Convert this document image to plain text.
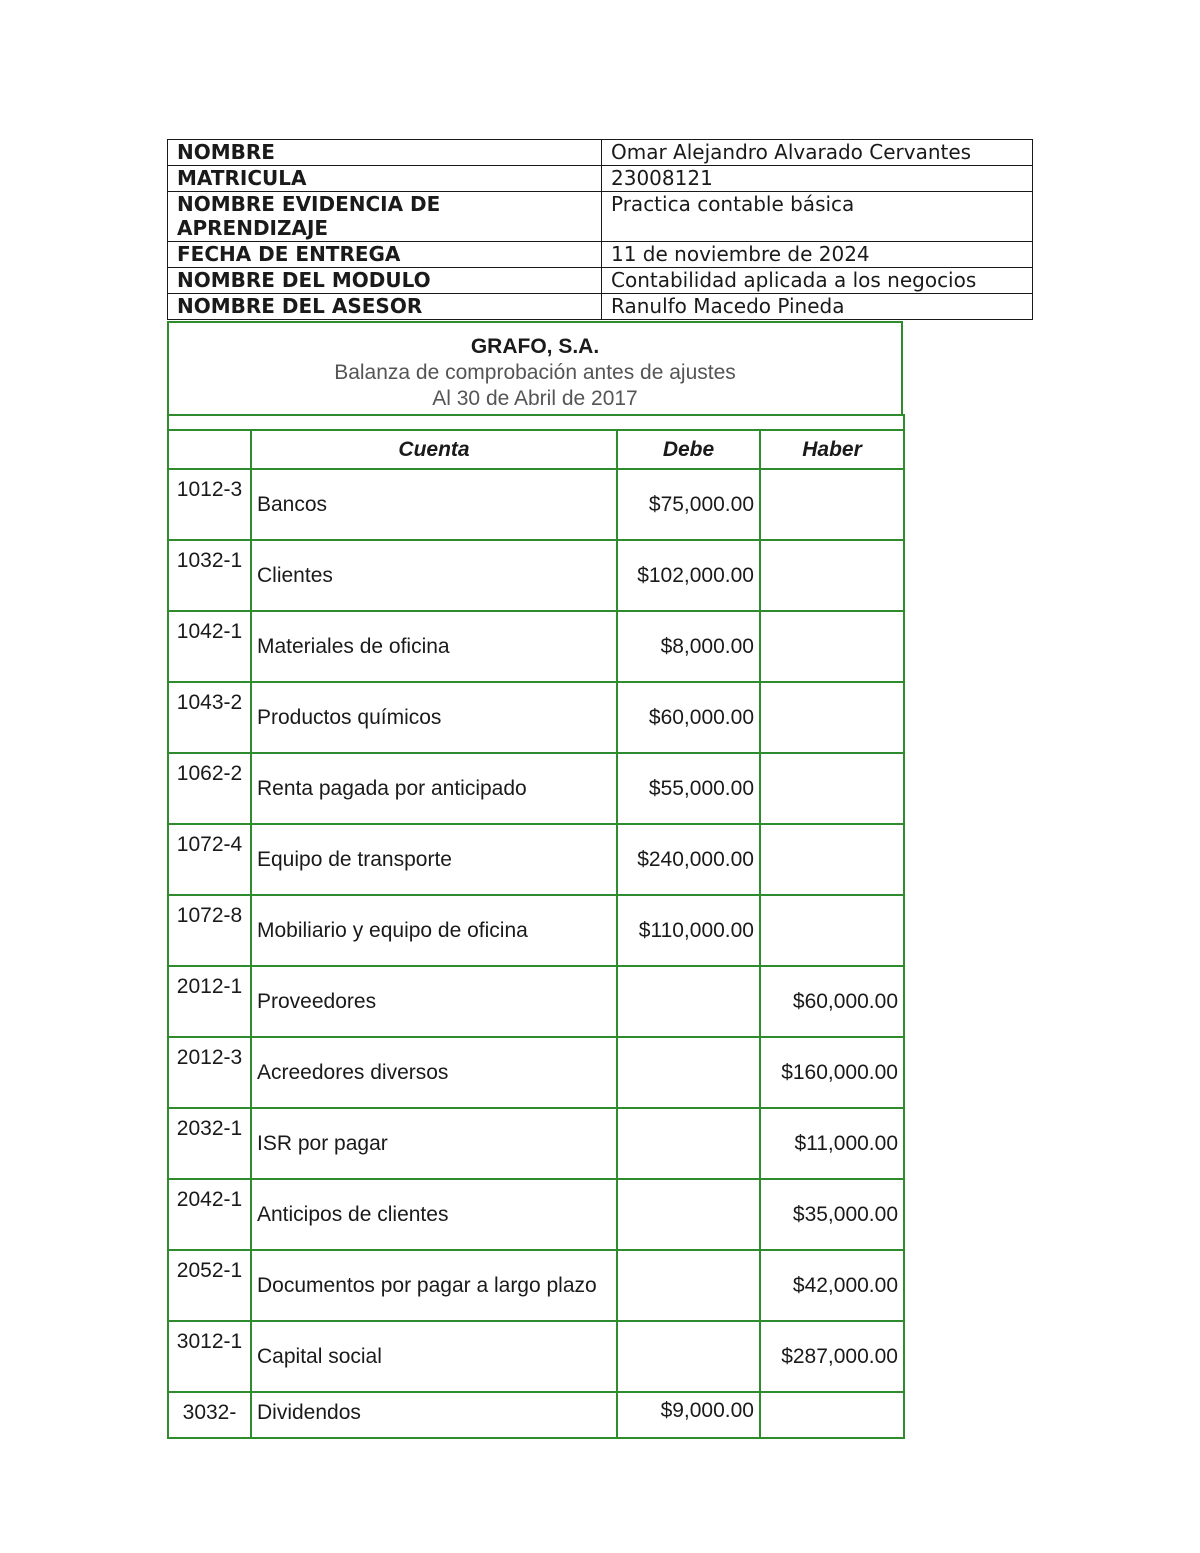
NOMBRE	Omar Alejandro Alvarado Cervantes
MATRICULA	23008121
NOMBRE EVIDENCIA DE APRENDIZAJE	Practica contable básica
FECHA DE ENTREGA	11 de noviembre de 2024
NOMBRE DEL MODULO	Contabilidad aplicada a los negocios
NOMBRE DEL ASESOR	Ranulfo Macedo Pineda
GRAFO, S.A.
Balanza de comprobación antes de ajustes
Al 30 de Abril de 2017

	Cuenta	Debe	Haber
1012-3	Bancos	$75,000.00	
1032-1	Clientes	$102,000.00	
1042-1	Materiales de oficina	$8,000.00	
1043-2	Productos químicos	$60,000.00	
1062-2	Renta pagada por anticipado	$55,000.00	
1072-4	Equipo de transporte	$240,000.00	
1072-8	Mobiliario y equipo de oficina	$110,000.00	
2012-1	Proveedores		$60,000.00
2012-3	Acreedores diversos		$160,000.00
2032-1	ISR por pagar		$11,000.00
2042-1	Anticipos de clientes		$35,000.00
2052-1	Documentos por pagar a largo plazo		$42,000.00
3012-1	Capital social		$287,000.00
3032-	Dividendos	$9,000.00	
